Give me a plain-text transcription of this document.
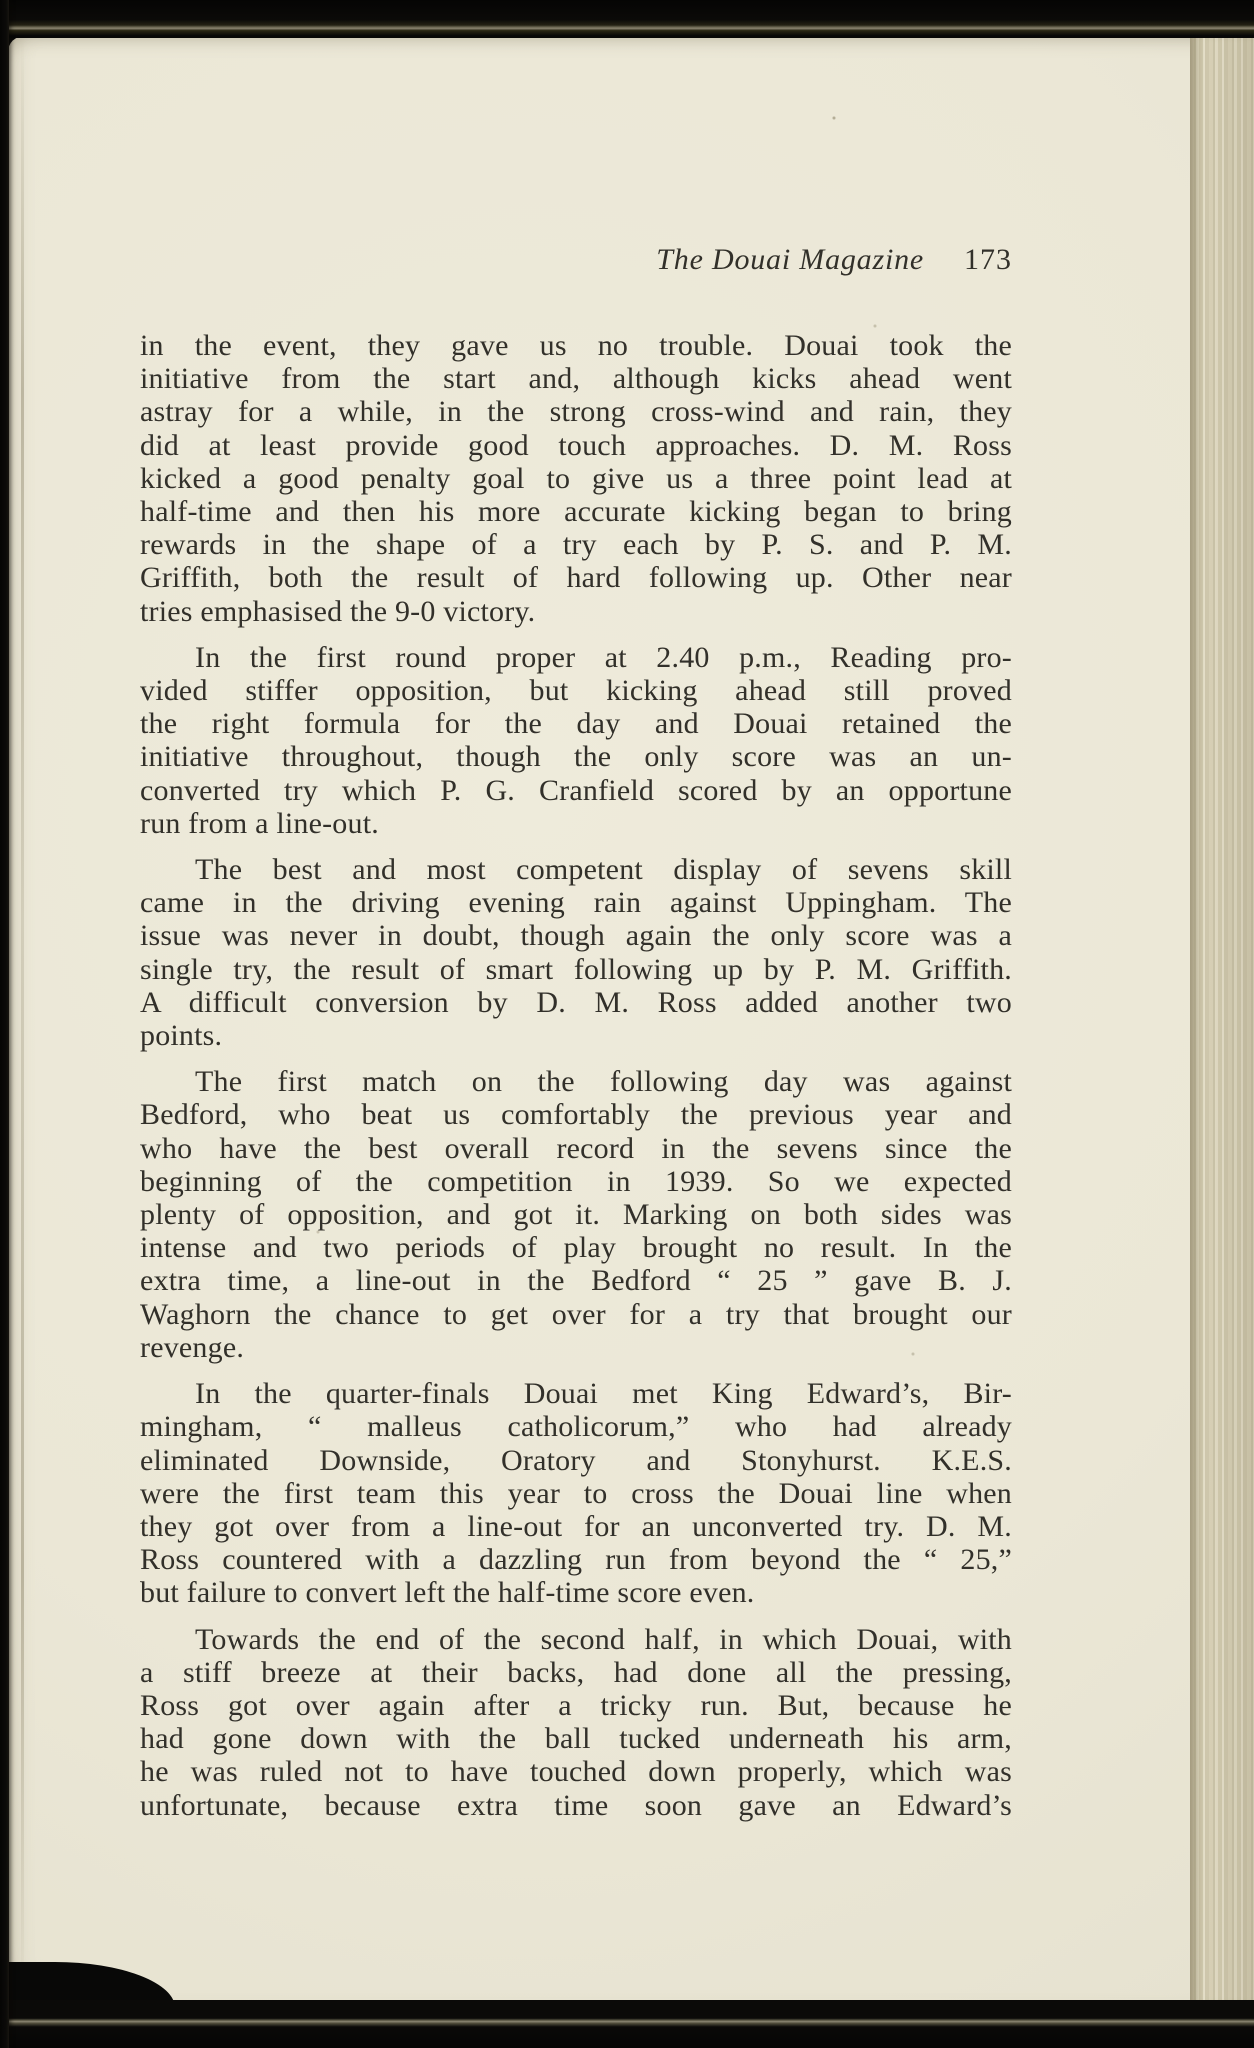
The Douai Magazine 173
in the event, they gave us no trouble. Douai took the
initiative from the start and, although kicks ahead went
astray for a while, in the strong cross-wind and rain, they
did at least provide good touch approaches. D. M. Ross
kicked a good penalty goal to give us a three point lead at
half-time and then his more accurate kicking began to bring
rewards in the shape of a try each by P. S. and P. M.
Griffith, both the result of hard following up. Other near
tries emphasised the 9-0 victory.
In the first round proper at 2.40 p.m., Reading pro-
vided stiffer opposition, but kicking ahead still proved
the right formula for the day and Douai retained the
initiative throughout, though the only score was an un-
converted try which P. G. Cranfield scored by an opportune
run from a line-out.
The best and most competent display of sevens skill
came in the driving evening rain against Uppingham. The
issue was never in doubt, though again the only score was a
single try, the result of smart following up by P. M. Griffith.
A difficult conversion by D. M. Ross added another two
points.
The first match on the following day was against
Bedford, who beat us comfortably the previous year and
who have the best overall record in the sevens since the
beginning of the competition in 1939. So we expected
plenty of opposition, and got it. Marking on both sides was
intense and two periods of play brought no result. In the
extra time, a line-out in the Bedford “ 25 ” gave B. J.
Waghorn the chance to get over for a try that brought our
revenge.
In the quarter-finals Douai met King Edward’s, Bir-
mingham, “ malleus catholicorum,” who had already
eliminated Downside, Oratory and Stonyhurst. K.E.S.
were the first team this year to cross the Douai line when
they got over from a line-out for an unconverted try. D. M.
Ross countered with a dazzling run from beyond the “ 25,”
but failure to convert left the half-time score even.
Towards the end of the second half, in which Douai, with
a stiff breeze at their backs, had done all the pressing,
Ross got over again after a tricky run. But, because he
had gone down with the ball tucked underneath his arm,
he was ruled not to have touched down properly, which was
unfortunate, because extra time soon gave an Edward’s
